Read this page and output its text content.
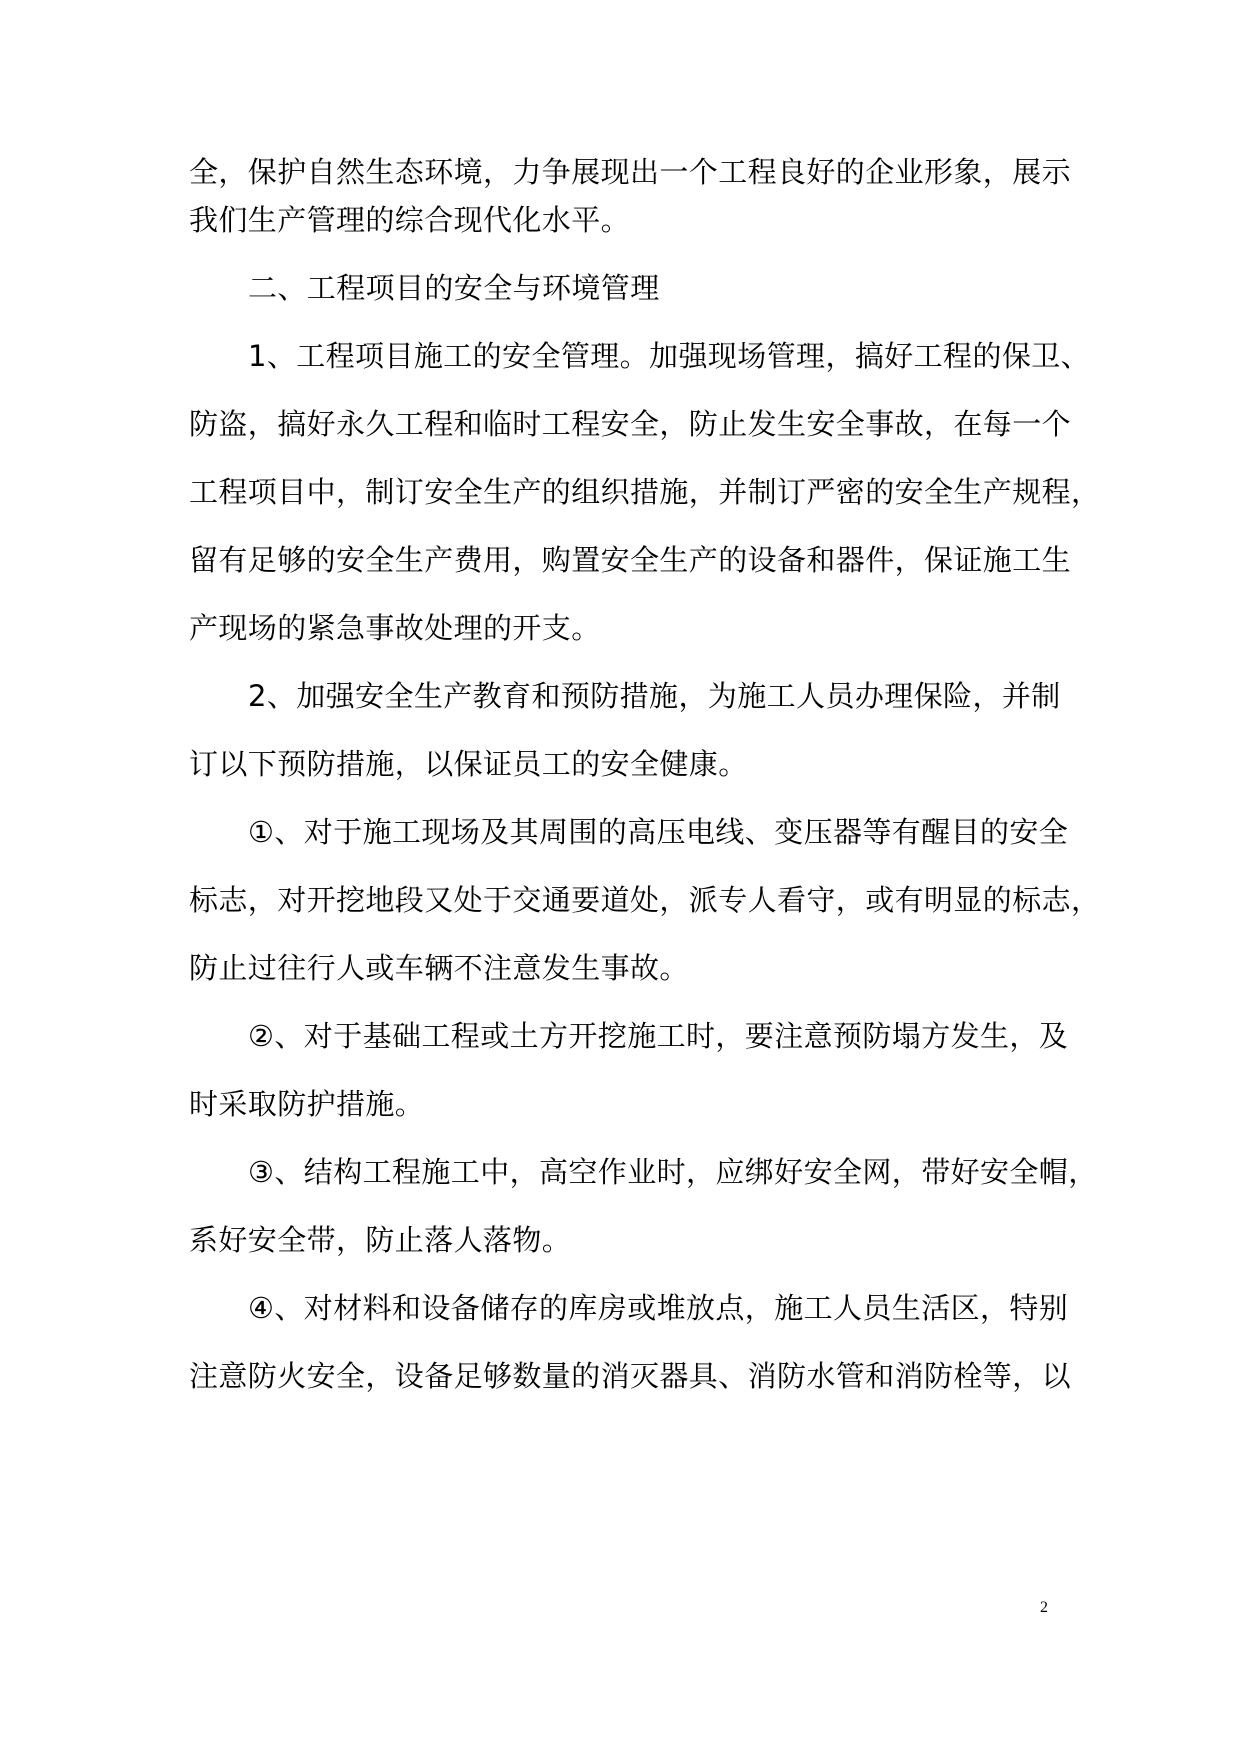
全，保护自然生态环境，力争展现出一个工程良好的企业形象，展示
我们生产管理的综合现代化水平。
二、工程项目的安全与环境管理
1、工程项目施工的安全管理。加强现场管理，搞好工程的保卫、
防盗，搞好永久工程和临时工程安全，防止发生安全事故，在每一个
工程项目中，制订安全生产的组织措施，并制订严密的安全生产规程，
留有足够的安全生产费用，购置安全生产的设备和器件，保证施工生
产现场的紧急事故处理的开支。
2、加强安全生产教育和预防措施，为施工人员办理保险，并制
订以下预防措施，以保证员工的安全健康。
①、对于施工现场及其周围的高压电线、变压器等有醒目的安全
标志，对开挖地段又处于交通要道处，派专人看守，或有明显的标志，
防止过往行人或车辆不注意发生事故。
②、对于基础工程或土方开挖施工时，要注意预防塌方发生，及
时采取防护措施。
③、结构工程施工中，高空作业时，应绑好安全网，带好安全帽，
系好安全带，防止落人落物。
④、对材料和设备储存的库房或堆放点，施工人员生活区，特别
注意防火安全，设备足够数量的消灭器具、消防水管和消防栓等，以
2
